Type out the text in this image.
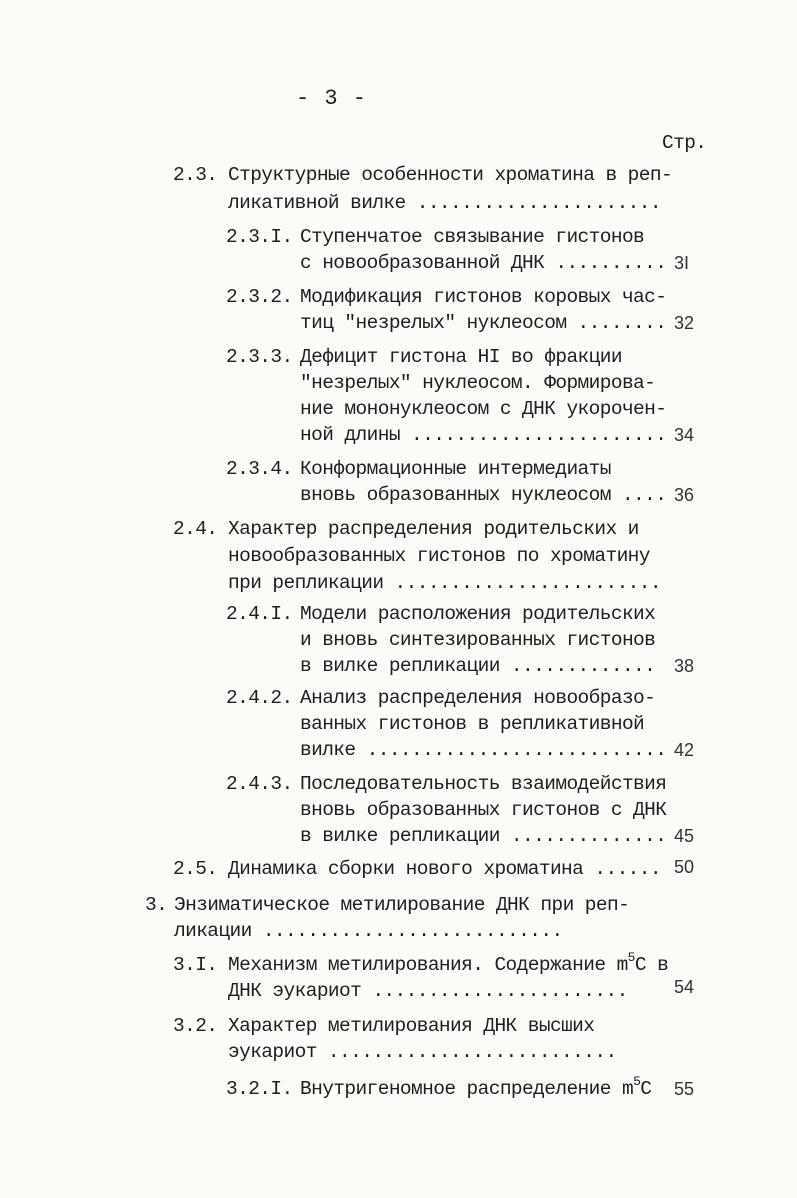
- 3 -
Стр.
2.3. Структурные особенности хроматина в реп-
ликативной вилке ......................
2.3.I. Ступенчатое связывание гистонов
с новообразованной ДНК .......... 3I
2.3.2. Модификация гистонов коровых час-
тиц "незрелых" нуклеосом ........ 32
2.3.3. Дефицит гистона HI во фракции
"незрелых" нуклеосом. Формирова-
ние мононуклеосом с ДНК укорочен-
ной длины ....................... 34
2.3.4. Конформационные интермедиаты
вновь образованных нуклеосом .... 36
2.4. Характер распределения родительских и
новообразованных гистонов по хроматину
при репликации ........................
2.4.I. Модели расположения родительских
и вновь синтезированных гистонов
в вилке репликации ............. 38
2.4.2. Анализ распределения новообразо-
ванных гистонов в репликативной
вилке ........................... 42
2.4.3. Последовательность взаимодействия
вновь образованных гистонов с ДНК
в вилке репликации .............. 45
2.5. Динамика сборки нового хроматина ...... 50
3. Энзиматическое метилирование ДНК при реп-
ликации ...........................
3.I. Механизм метилирования. Содержание $m^5C$ в
ДНК эукариот .......................	54
3.2. Характер метилирования ДНК высших
эукариот ..........................
3.2.I. Внутригеномное распределение $m^5C$ 55
